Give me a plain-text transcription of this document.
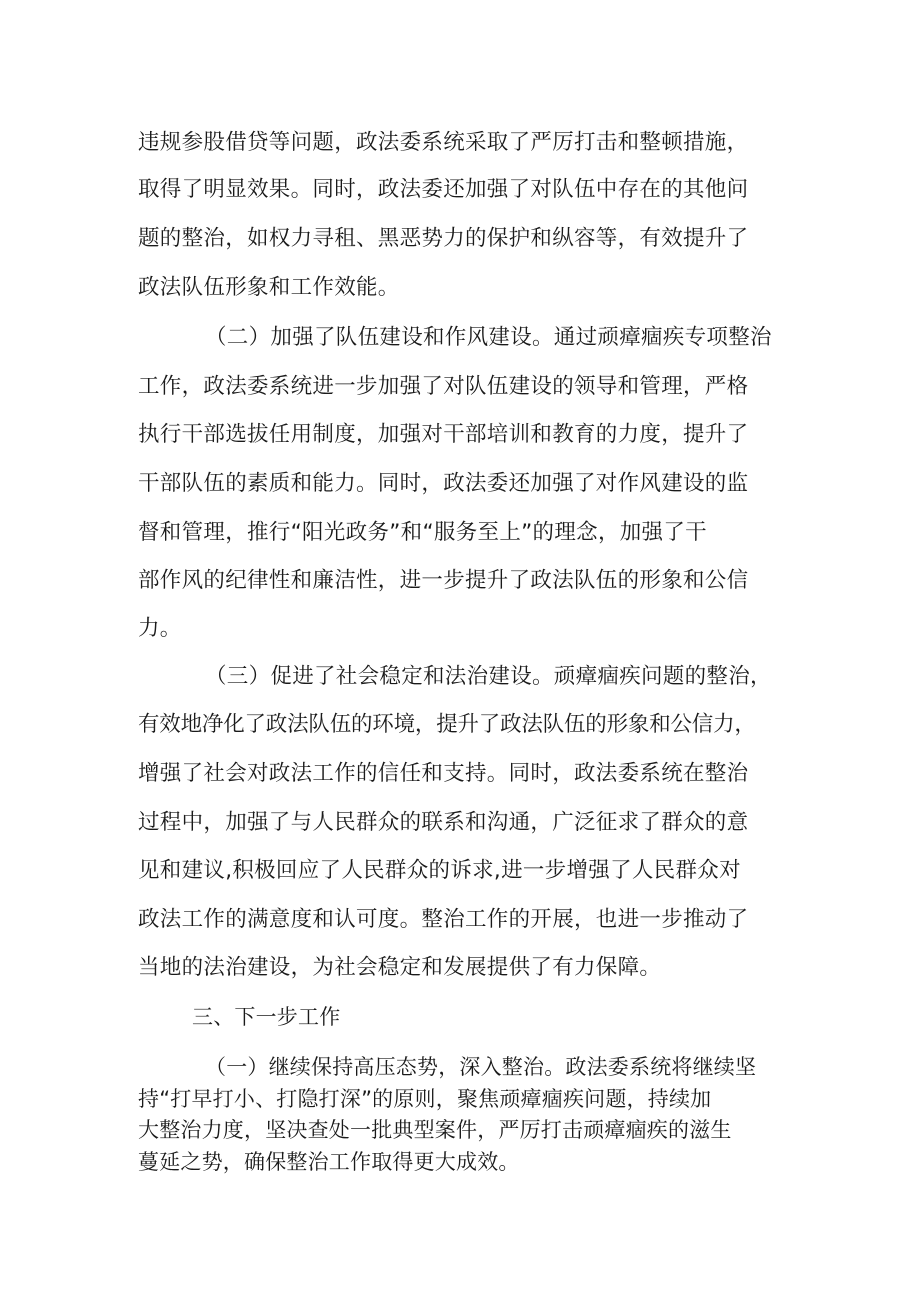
违规参股借贷等问题，政法委系统采取了严厉打击和整顿措施，
取得了明显效果。同时，政法委还加强了对队伍中存在的其他问
题的整治，如权力寻租、黑恶势力的保护和纵容等，有效提升了
政法队伍形象和工作效能。
（二）加强了队伍建设和作风建设。通过顽瘴痼疾专项整治
工作，政法委系统进一步加强了对队伍建设的领导和管理，严格
执行干部选拔任用制度，加强对干部培训和教育的力度，提升了
干部队伍的素质和能力。同时，政法委还加强了对作风建设的监
督和管理，推行“阳光政务”和“服务至上”的理念，加强了干
部作风的纪律性和廉洁性，进一步提升了政法队伍的形象和公信
力。
（三）促进了社会稳定和法治建设。顽瘴痼疾问题的整治，
有效地净化了政法队伍的环境，提升了政法队伍的形象和公信力，
增强了社会对政法工作的信任和支持。同时，政法委系统在整治
过程中，加强了与人民群众的联系和沟通，广泛征求了群众的意
见和建议,积极回应了人民群众的诉求,进一步增强了人民群众对
政法工作的满意度和认可度。整治工作的开展，也进一步推动了
当地的法治建设，为社会稳定和发展提供了有力保障。
三、下一步工作
（一）继续保持高压态势，深入整治。政法委系统将继续坚
持“打早打小、打隐打深”的原则，聚焦顽瘴痼疾问题，持续加
大整治力度，坚决查处一批典型案件，严厉打击顽瘴痼疾的滋生
蔓延之势，确保整治工作取得更大成效。
